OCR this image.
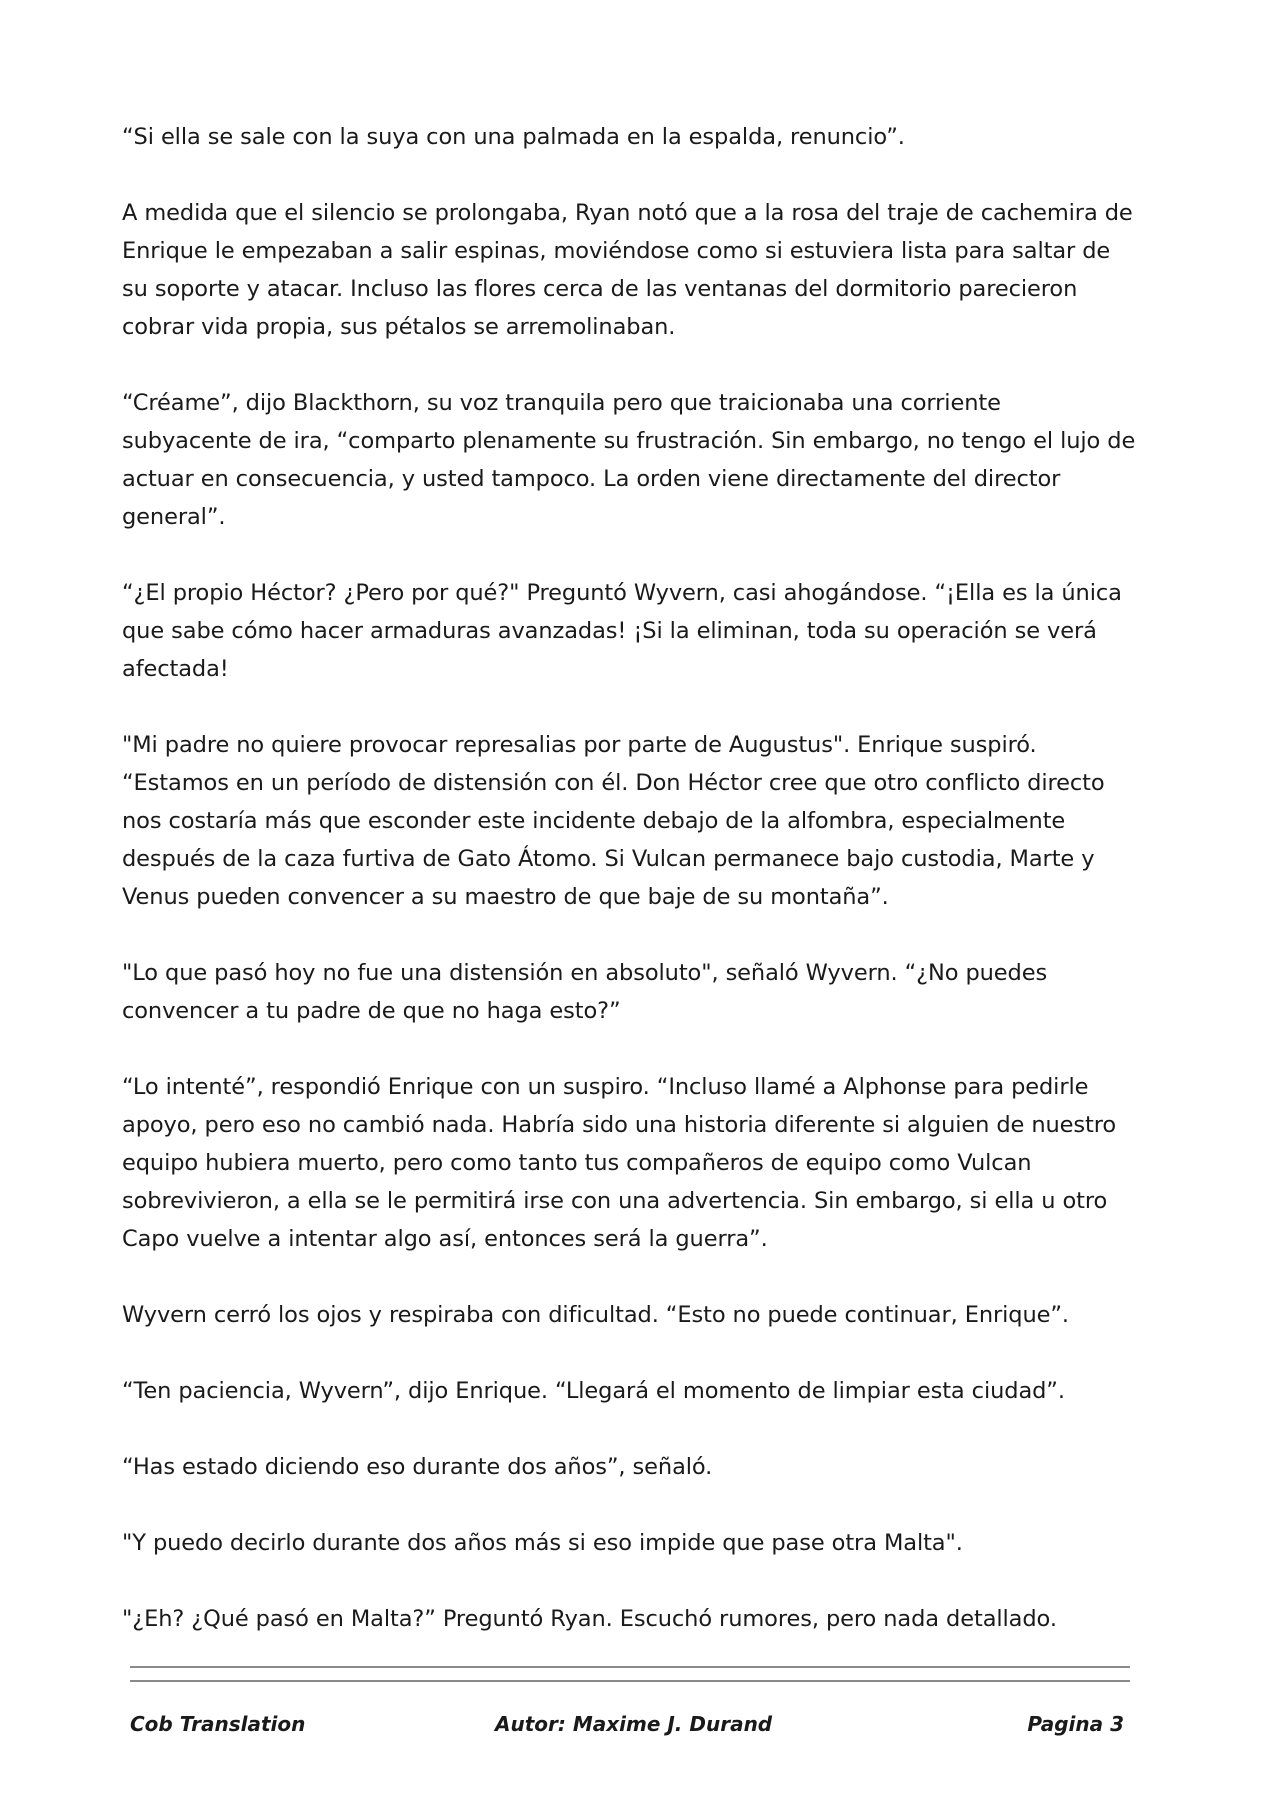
“Si ella se sale con la suya con una palmada en la espalda, renuncio”.

A medida que el silencio se prolongaba, Ryan notó que a la rosa del traje de cachemira de Enrique le empezaban a salir espinas, moviéndose como si estuviera lista para saltar de su soporte y atacar. Incluso las flores cerca de las ventanas del dormitorio parecieron cobrar vida propia, sus pétalos se arremolinaban.

“Créame”, dijo Blackthorn, su voz tranquila pero que traicionaba una corriente subyacente de ira, “comparto plenamente su frustración. Sin embargo, no tengo el lujo de actuar en consecuencia, y usted tampoco. La orden viene directamente del director general”.

“¿El propio Héctor? ¿Pero por qué?" Preguntó Wyvern, casi ahogándose. “¡Ella es la única que sabe cómo hacer armaduras avanzadas! ¡Si la eliminan, toda su operación se verá afectada!

"Mi padre no quiere provocar represalias por parte de Augustus". Enrique suspiró. “Estamos en un período de distensión con él. Don Héctor cree que otro conflicto directo nos costaría más que esconder este incidente debajo de la alfombra, especialmente después de la caza furtiva de Gato Átomo. Si Vulcan permanece bajo custodia, Marte y Venus pueden convencer a su maestro de que baje de su montaña”.

"Lo que pasó hoy no fue una distensión en absoluto", señaló Wyvern. “¿No puedes convencer a tu padre de que no haga esto?”

“Lo intenté”, respondió Enrique con un suspiro. “Incluso llamé a Alphonse para pedirle apoyo, pero eso no cambió nada. Habría sido una historia diferente si alguien de nuestro equipo hubiera muerto, pero como tanto tus compañeros de equipo como Vulcan sobrevivieron, a ella se le permitirá irse con una advertencia. Sin embargo, si ella u otro Capo vuelve a intentar algo así, entonces será la guerra”.

Wyvern cerró los ojos y respiraba con dificultad. “Esto no puede continuar, Enrique”.

“Ten paciencia, Wyvern”, dijo Enrique. “Llegará el momento de limpiar esta ciudad”.

“Has estado diciendo eso durante dos años”, señaló.

"Y puedo decirlo durante dos años más si eso impide que pase otra Malta".

"¿Eh? ¿Qué pasó en Malta?” Preguntó Ryan. Escuchó rumores, pero nada detallado.

Cob Translation	Autor: Maxime J. Durand	Pagina 3
